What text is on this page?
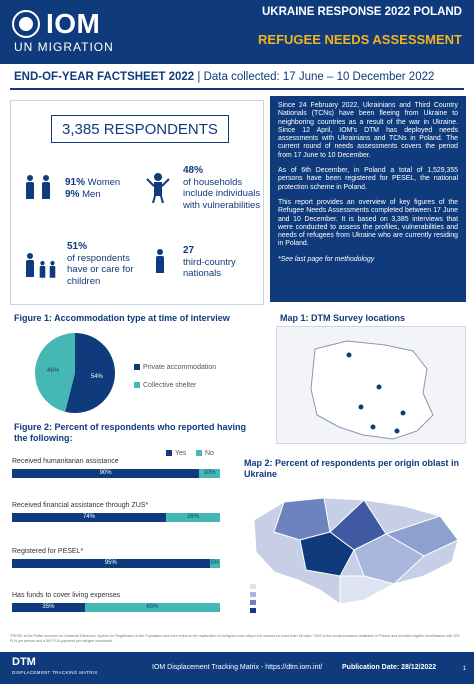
IOM
UN MIGRATION
UKRAINE RESPONSE 2022 POLAND
REFUGEE NEEDS ASSESSMENT
END-OF-YEAR FACTSHEET 2022 | Data collected: 17 June – 10 December 2022
3,385 RESPONDENTS
91% Women
9% Men
48%
of households include individuals with vulnerabilities
51%
of respondents have or care for children
27
third-country nationals

Since 24 February 2022, Ukrainians and Third Country Nationals (TCNs) have been fleeing from Ukraine to neighboring countries as a result of the war in Ukraine. Since 12 April, IOM's DTM has deployed needs assessments with Ukrainians and TCNs in Poland. The current round of needs assessments covers the period from 17 June to 10 December.

As of 6th December, in Poland a total of 1,529,355 persons have been registered for PESEL, the national protection scheme in Poland.

This report provides an overview of key figures of the Refugee Needs Assessments completed between 17 June and 10 December. It is based on 3,385 interviews that were conducted to assess the profiles, vulnerabilities and needs of refugees from Ukraine who are currently residing in Poland.

*See last page for methodology

Figure 1: Accommodation type at time of interview
54%
46%
Private accommodation
Collective shelter
Figure 2: Percent of respondents who reported having the following:
Yes	No
Received humanitarian assistance
90%	10%
Received financial assistance through ZUS*
74%	26%
Registered for PESEL*
95%	5%
Has funds to cover living expenses
35%	65%
Map 1: DTM Survey locations
Map 2: Percent of respondents per origin oblast in Ukraine
*PESEL is the Polish acronym for Universal Electronic System for Registration of the Population and here refers to the registration of foreigners who stay in the country for more than 18 days. *ZUS is the social insurance institution in Poland and provides eligible beneficiaries with 300 PLN per person and a 300 PLN payment per refugee household.
DTM
DISPLACEMENT TRACKING MATRIX
IOM Displacement Tracking Matrix - https://dtm.iom.int/	Publication Date: 28/12/2022	1
